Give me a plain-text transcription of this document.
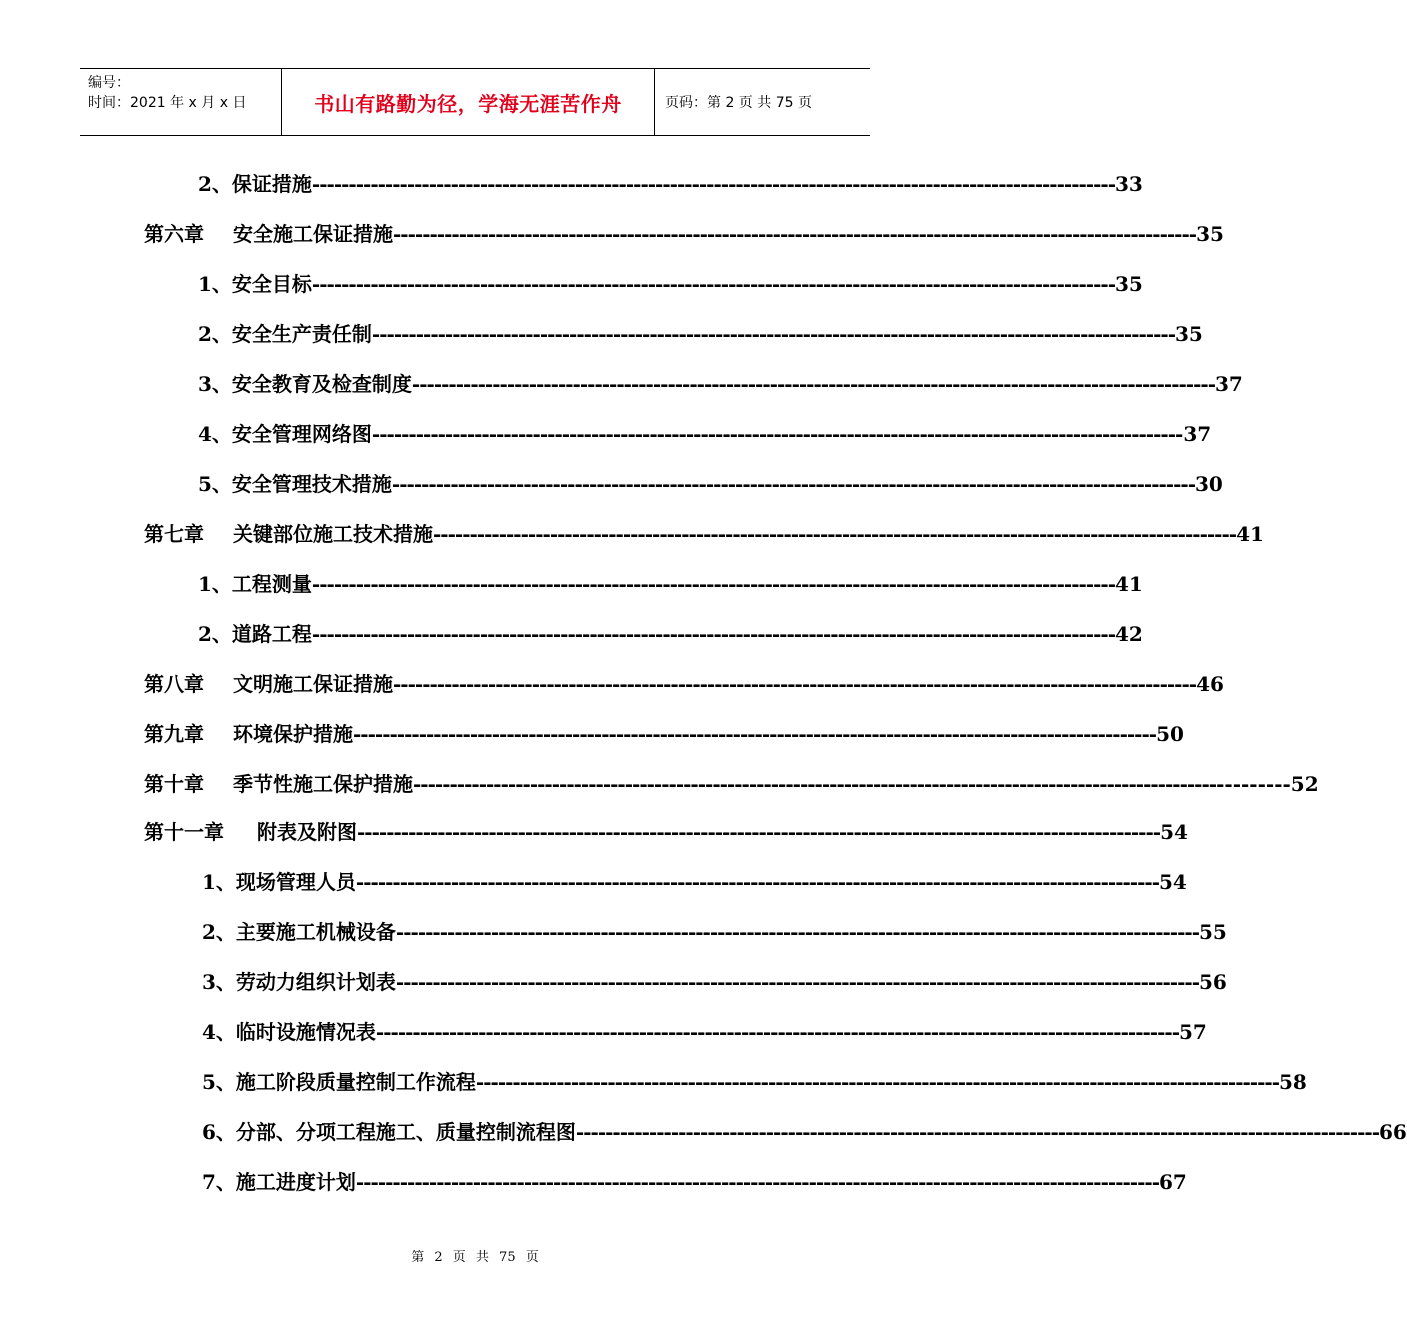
编号：
时间：2021 年 x 月 x 日	书山有路勤为径，学海无涯苦作舟	页码：第 2 页 共 75 页
2、保证措施 -------------------------------------------------------------------------------------------------------------- 33
第六章 安全施工保证措施 -------------------------------------------------------------------------------------------------------------- 35
1、安全目标 -------------------------------------------------------------------------------------------------------------- 35
2、安全生产责任制 -------------------------------------------------------------------------------------------------------------- 35
3、安全教育及检查制度 -------------------------------------------------------------------------------------------------------------- 37
4、安全管理网络图 -------------------------------------------------------------------------------------------------------------- -37
5、安全管理技术措施 -------------------------------------------------------------------------------------------------------------- 30
第七章 关键部位施工技术措施 -------------------------------------------------------------------------------------------------------------- 41
1、工程测量 -------------------------------------------------------------------------------------------------------------- 41
2、道路工程 -------------------------------------------------------------------------------------------------------------- 42
第八章 文明施工保证措施 -------------------------------------------------------------------------------------------------------------- 46
第九章 环境保护措施 -------------------------------------------------------------------------------------------------------------- 50
第十章 季节性施工保护措施 -------------------------------------------------------------------------------------------------------------- ---------52
第十一章 附表及附图 -------------------------------------------------------------------------------------------------------------- 54
1、现场管理人员 -------------------------------------------------------------------------------------------------------------- 54
2、主要施工机械设备 -------------------------------------------------------------------------------------------------------------- 55
3、劳动力组织计划表 -------------------------------------------------------------------------------------------------------------- 56
4、临时设施情况表 -------------------------------------------------------------------------------------------------------------- 57
5、施工阶段质量控制工作流程 -------------------------------------------------------------------------------------------------------------- 58
6、分部、分项工程施工、质量控制流程图 -------------------------------------------------------------------------------------------------------------- 66
7、施工进度计划 -------------------------------------------------------------------------------------------------------------- 67
第 2 页 共 75 页
